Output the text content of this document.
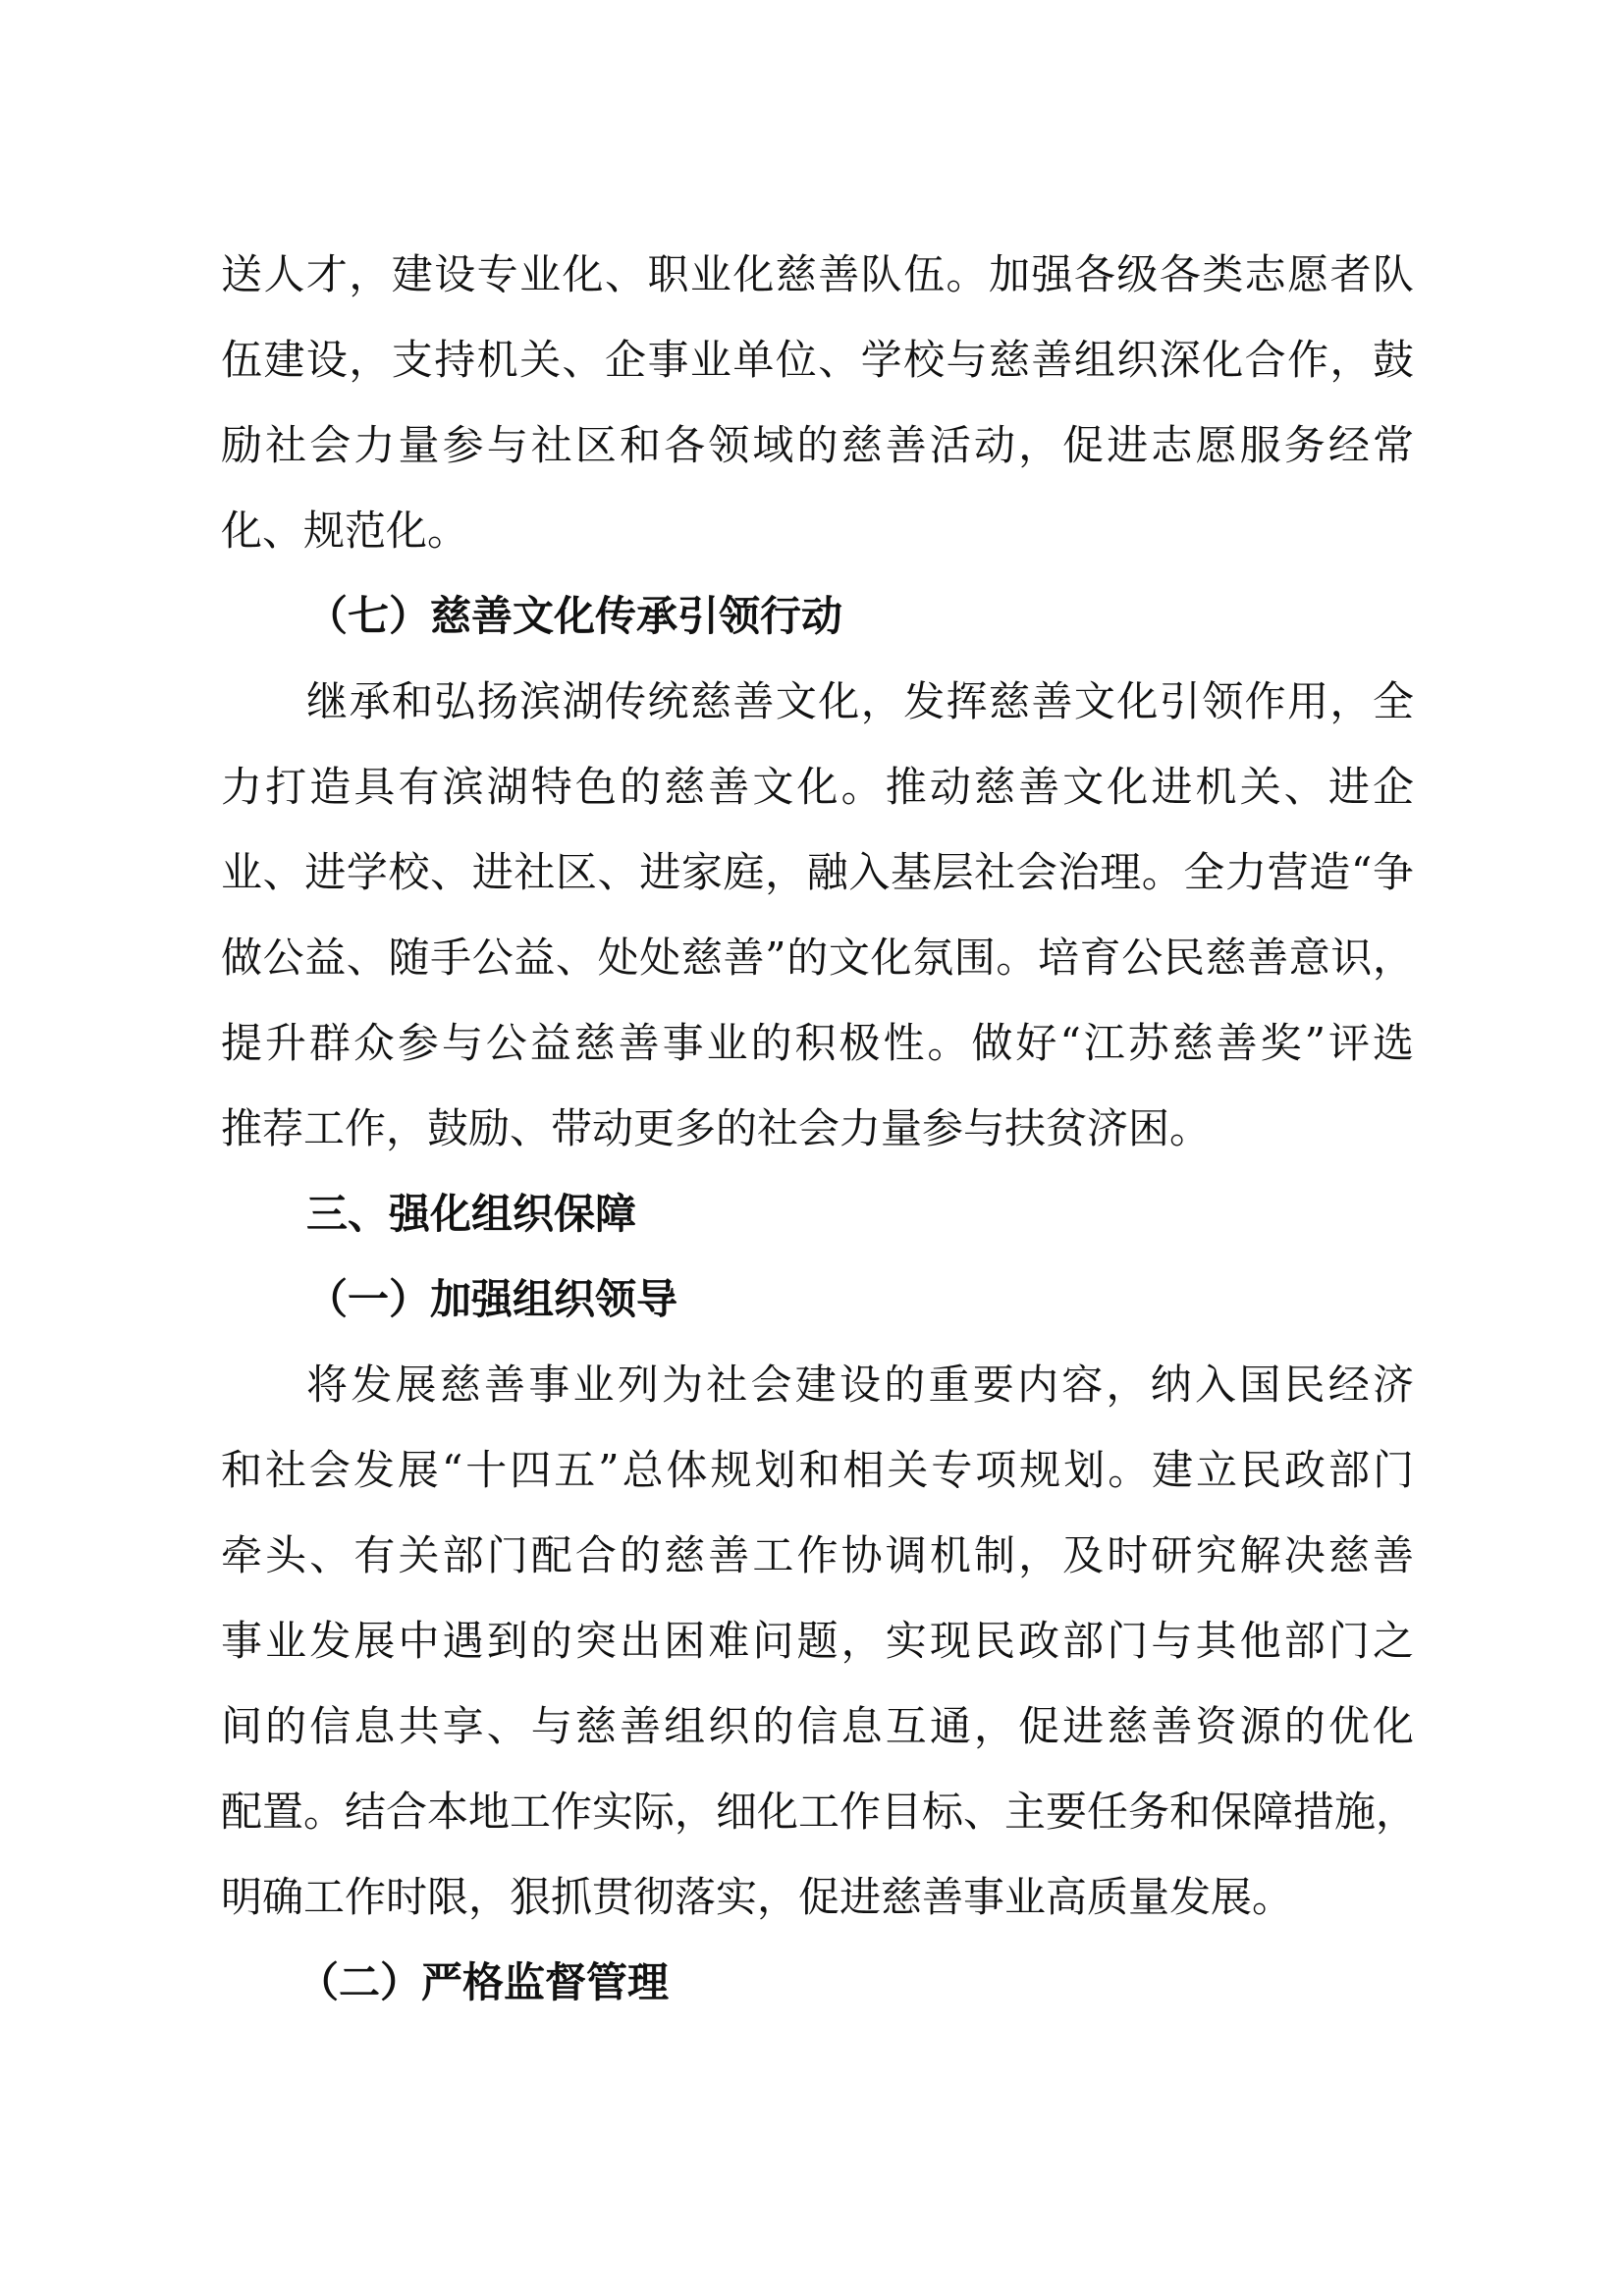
送人才，建设专业化、职业化慈善队伍。加强各级各类志愿者队
伍建设，支持机关、企事业单位、学校与慈善组织深化合作，鼓
励社会力量参与社区和各领域的慈善活动，促进志愿服务经常
化、规范化。
（七）慈善文化传承引领行动
继承和弘扬滨湖传统慈善文化，发挥慈善文化引领作用，全
力打造具有滨湖特色的慈善文化。推动慈善文化进机关、进企
业、进学校、进社区、进家庭，融入基层社会治理。全力营造“争
做公益、随手公益、处处慈善”的文化氛围。培育公民慈善意识，
提升群众参与公益慈善事业的积极性。做好“江苏慈善奖”评选
推荐工作，鼓励、带动更多的社会力量参与扶贫济困。
三、强化组织保障
（一）加强组织领导
将发展慈善事业列为社会建设的重要内容，纳入国民经济
和社会发展“十四五”总体规划和相关专项规划。建立民政部门
牵头、有关部门配合的慈善工作协调机制，及时研究解决慈善
事业发展中遇到的突出困难问题，实现民政部门与其他部门之
间的信息共享、与慈善组织的信息互通，促进慈善资源的优化
配置。结合本地工作实际，细化工作目标、主要任务和保障措施，
明确工作时限，狠抓贯彻落实，促进慈善事业高质量发展。
（二）严格监督管理
